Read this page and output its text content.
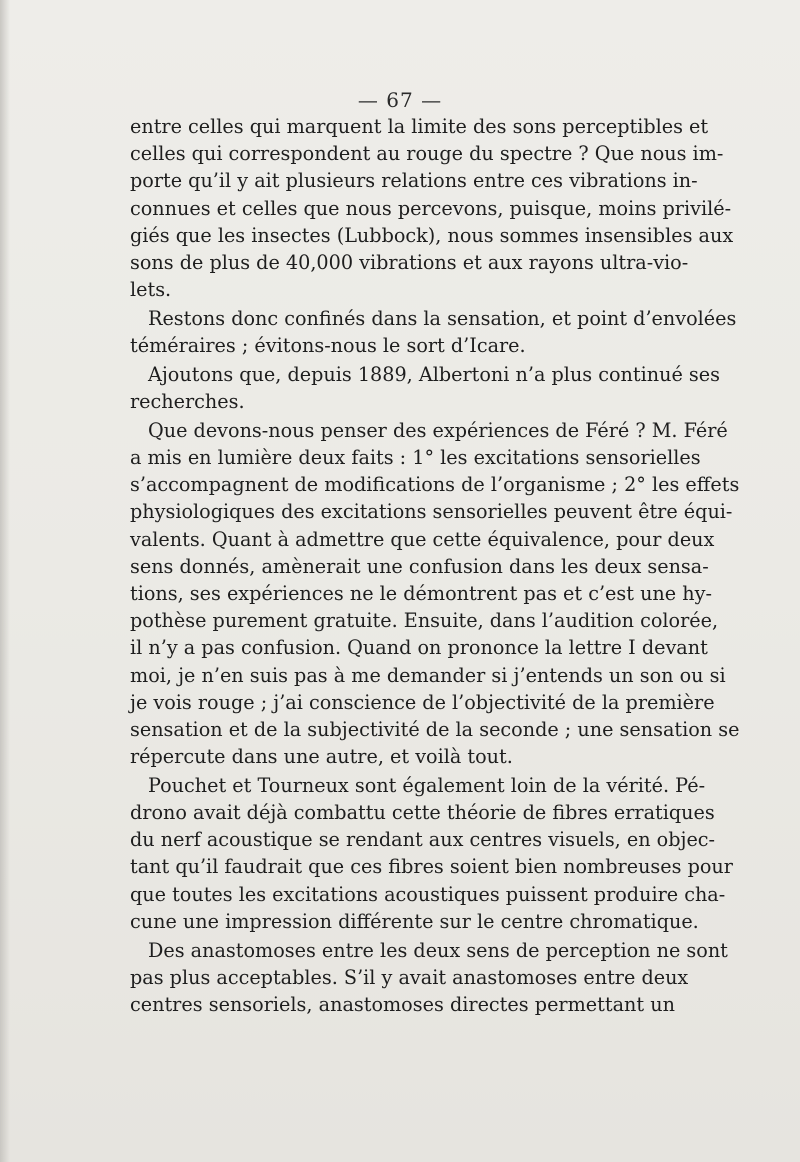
— 67 —

entre celles qui marquent la limite des sons perceptibles et
celles qui correspondent au rouge du spectre ? Que nous im-
porte qu’il y ait plusieurs relations entre ces vibrations in-
connues et celles que nous percevons, puisque, moins privilé-
giés que les insectes (Lubbock), nous sommes insensibles aux
sons de plus de 40,000 vibrations et aux rayons ultra-vio-
lets.

Restons donc confinés dans la sensation, et point d’envolées
téméraires ; évitons-nous le sort d’Icare.

Ajoutons que, depuis 1889, Albertoni n’a plus continué ses
recherches.

Que devons-nous penser des expériences de Féré ? M. Féré
a mis en lumière deux faits : 1° les excitations sensorielles
s’accompagnent de modifications de l’organisme ; 2° les effets
physiologiques des excitations sensorielles peuvent être équi-
valents. Quant à admettre que cette équivalence, pour deux
sens donnés, amènerait une confusion dans les deux sensa-
tions, ses expériences ne le démontrent pas et c’est une hy-
pothèse purement gratuite. Ensuite, dans l’audition colorée,
il n’y a pas confusion. Quand on prononce la lettre I devant
moi, je n’en suis pas à me demander si j’entends un son ou si
je vois rouge ; j’ai conscience de l’objectivité de la première
sensation et de la subjectivité de la seconde ; une sensation se
répercute dans une autre, et voilà tout.

Pouchet et Tourneux sont également loin de la vérité. Pé-
drono avait déjà combattu cette théorie de fibres erratiques
du nerf acoustique se rendant aux centres visuels, en objec-
tant qu’il faudrait que ces fibres soient bien nombreuses pour
que toutes les excitations acoustiques puissent produire cha-
cune une impression différente sur le centre chromatique.

Des anastomoses entre les deux sens de perception ne sont
pas plus acceptables. S’il y avait anastomoses entre deux
centres sensoriels, anastomoses directes permettant un
